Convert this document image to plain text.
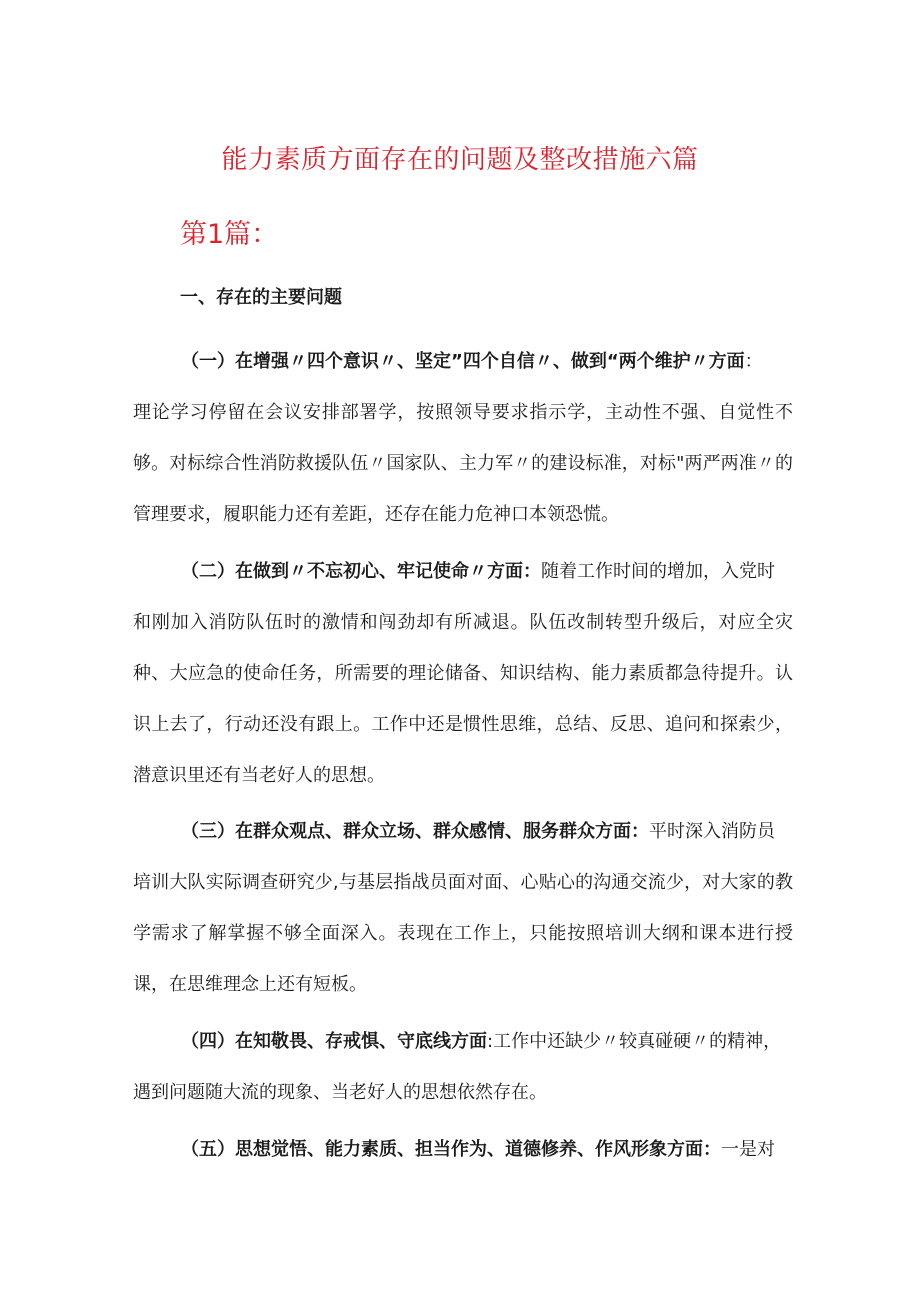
能力素质方面存在的问题及整改措施六篇
第1篇：
一、存在的主要问题
（一）在增强〃四个意识〃、坚定”四个自信〃、做到“两个维护〃方面：
理论学习停留在会议安排部署学，按照领导要求指示学，主动性不强、自觉性不够。对标综合性消防救援队伍〃国家队、主力军〃的建设标准，对标"两严两准〃的管理要求，履职能力还有差距，还存在能力危神口本领恐慌。
（二）在做到〃不忘初心、牢记使命〃方面：随着工作时间的增加，入党时
和刚加入消防队伍时的激情和闯劲却有所减退。队伍改制转型升级后，对应全灾种、大应急的使命任务，所需要的理论储备、知识结构、能力素质都急待提升。认识上去了，行动还没有跟上。工作中还是惯性思维，总结、反思、追问和探索少，潜意识里还有当老好人的思想。
（三）在群众观点、群众立场、群众感情、服务群众方面：平时深入消防员
培训大队实际调查研究少,与基层指战员面对面、心贴心的沟通交流少，对大家的教学需求了解掌握不够全面深入。表现在工作上，只能按照培训大纲和课本进行授课，在思维理念上还有短板。
（四）在知敬畏、存戒惧、守底线方面:工作中还缺少〃较真碰硬〃的精神，
遇到问题随大流的现象、当老好人的思想依然存在。
（五）思想觉悟、能力素质、担当作为、道德修养、作风形象方面：一是对
